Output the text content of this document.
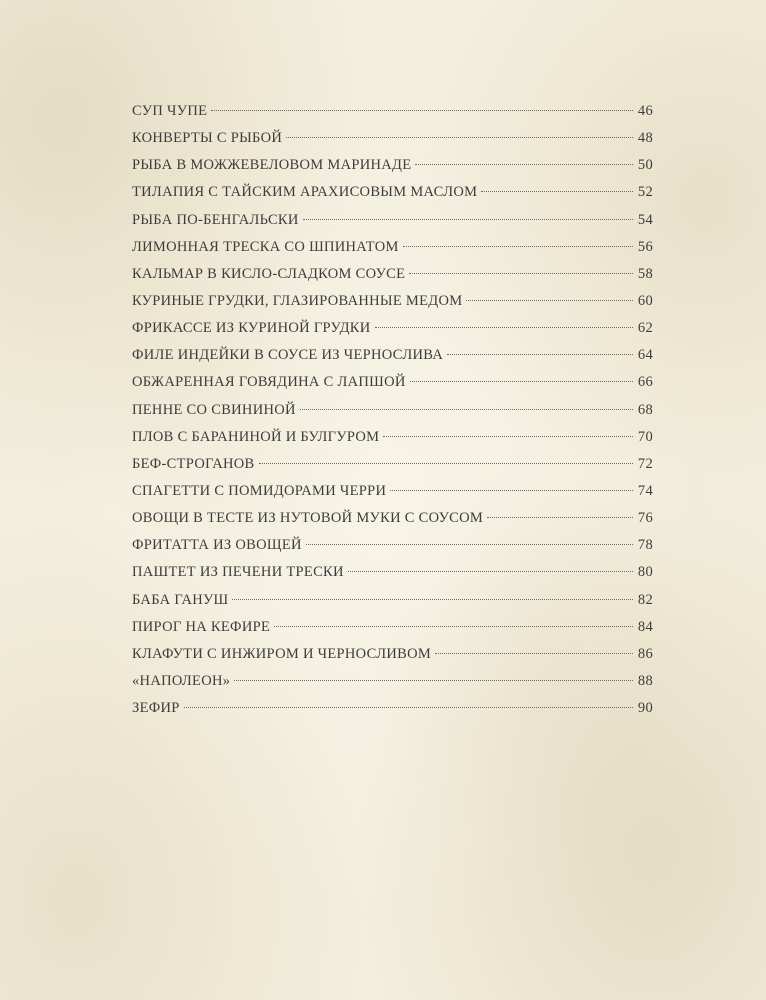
СУП ЧУПЕ	46
КОНВЕРТЫ С РЫБОЙ	48
РЫБА В МОЖЖЕВЕЛОВОМ МАРИНАДЕ	50
ТИЛАПИЯ С ТАЙСКИМ АРАХИСОВЫМ МАСЛОМ	52
РЫБА ПО-БЕНГАЛЬСКИ	54
ЛИМОННАЯ ТРЕСКА СО ШПИНАТОМ	56
КАЛЬМАР В КИСЛО-СЛАДКОМ СОУСЕ	58
КУРИНЫЕ ГРУДКИ, ГЛАЗИРОВАННЫЕ МЕДОМ	60
ФРИКАССЕ ИЗ КУРИНОЙ ГРУДКИ	62
ФИЛЕ ИНДЕЙКИ В СОУСЕ ИЗ ЧЕРНОСЛИВА	64
ОБЖАРЕННАЯ ГОВЯДИНА С ЛАПШОЙ	66
ПЕННЕ СО СВИНИНОЙ	68
ПЛОВ С БАРАНИНОЙ И БУЛГУРОМ	70
БЕФ-СТРОГАНОВ	72
СПАГЕТТИ С ПОМИДОРАМИ ЧЕРРИ	74
ОВОЩИ В ТЕСТЕ ИЗ НУТОВОЙ МУКИ С СОУСОМ	76
ФРИТАТТА ИЗ ОВОЩЕЙ	78
ПАШТЕТ ИЗ ПЕЧЕНИ ТРЕСКИ	80
БАБА ГАНУШ	82
ПИРОГ НА КЕФИРЕ	84
КЛАФУТИ С ИНЖИРОМ И ЧЕРНОСЛИВОМ	86
«НАПОЛЕОН»	88
ЗЕФИР	90
